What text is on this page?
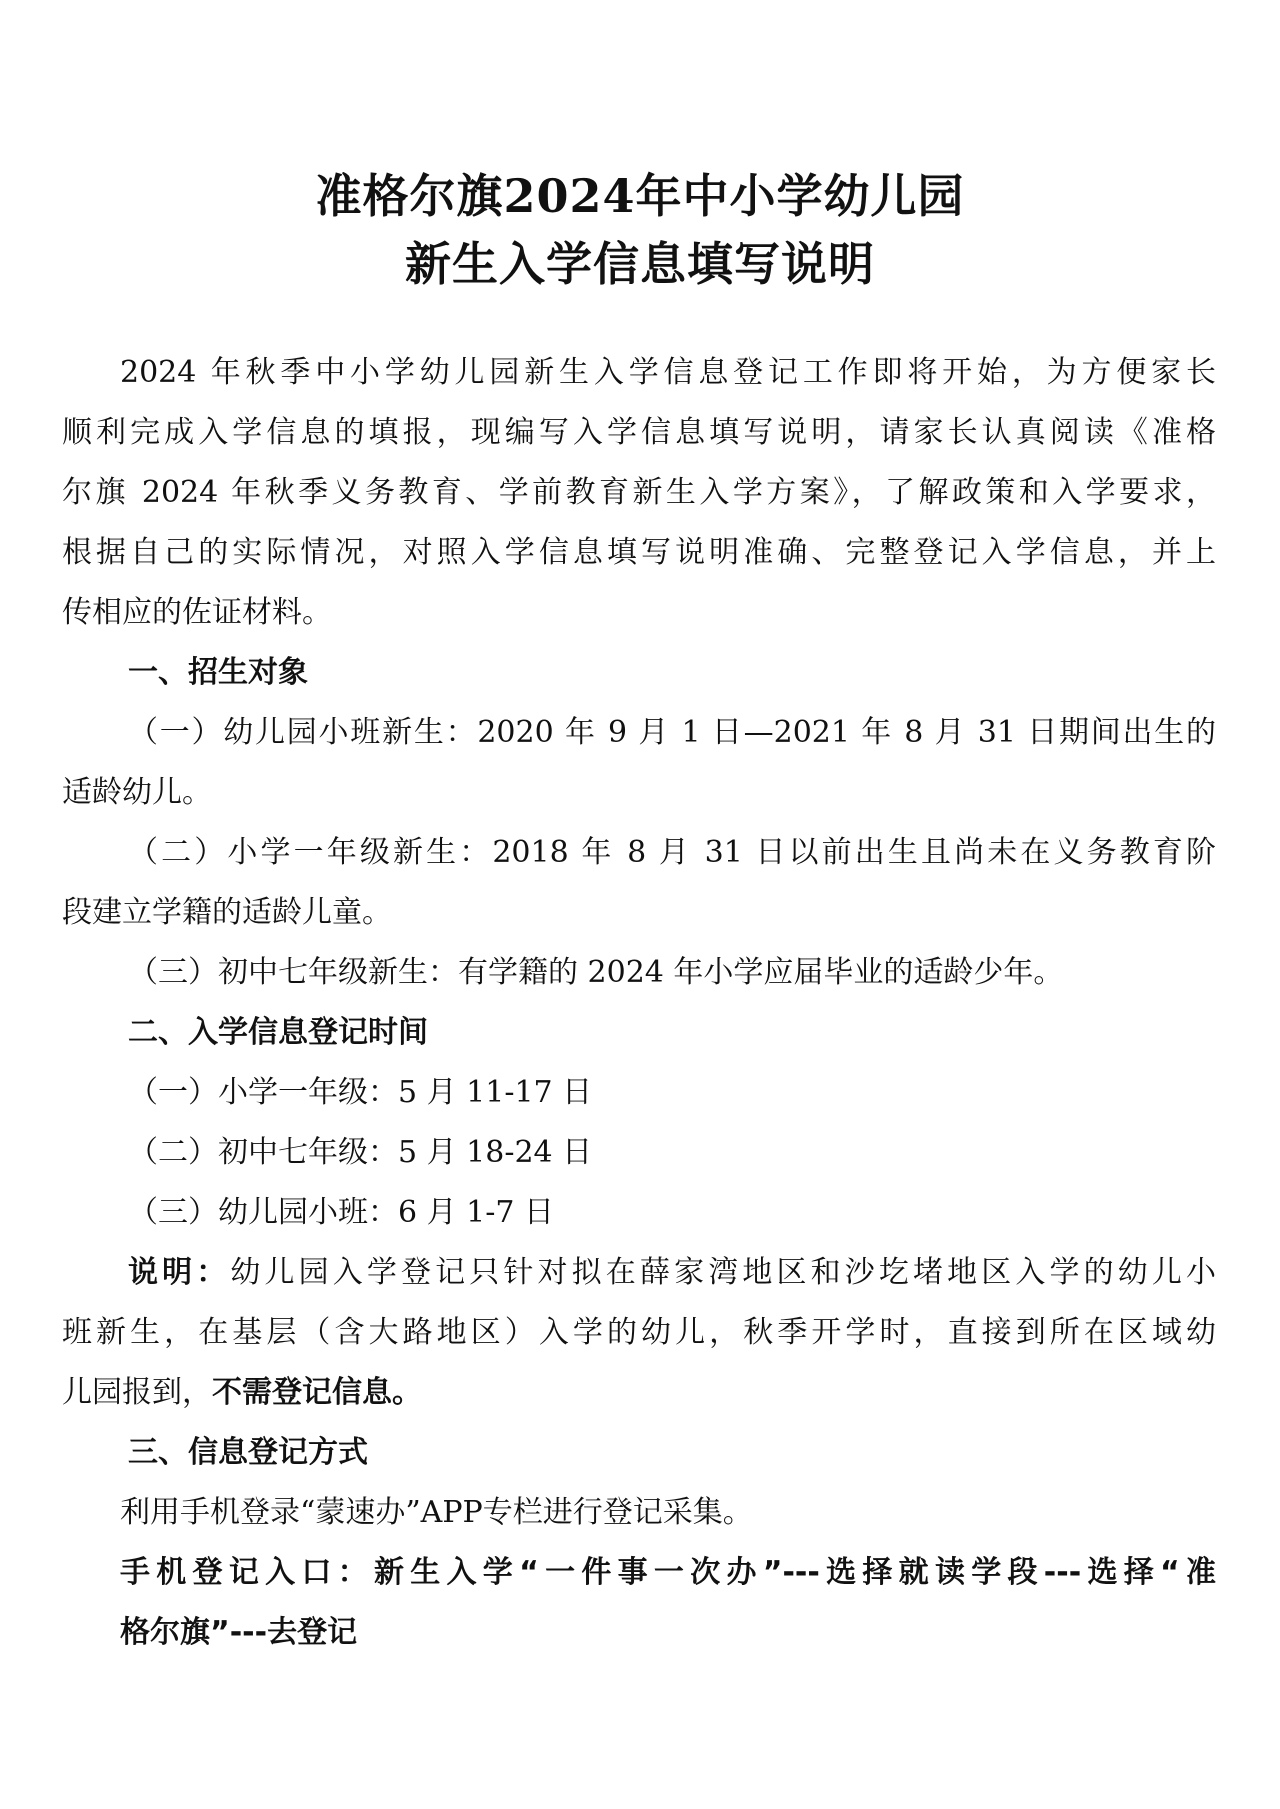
准格尔旗2024年中小学幼儿园
新生入学信息填写说明
2024 年秋季中小学幼儿园新生入学信息登记工作即将开始，为方便家长
顺利完成入学信息的填报，现编写入学信息填写说明，请家长认真阅读《准格
尔旗 2024 年秋季义务教育、学前教育新生入学方案》，了解政策和入学要求，
根据自己的实际情况，对照入学信息填写说明准确、完整登记入学信息，并上
传相应的佐证材料。
一、招生对象
（一）幼儿园小班新生：2020 年 9 月 1 日—2021 年 8 月 31 日期间出生的
适龄幼儿。
（二）小学一年级新生：2018 年 8 月 31 日以前出生且尚未在义务教育阶
段建立学籍的适龄儿童。
（三）初中七年级新生：有学籍的 2024 年小学应届毕业的适龄少年。
二、入学信息登记时间
（一）小学一年级：5 月 11-17 日
（二）初中七年级：5 月 18-24 日
（三）幼儿园小班：6 月 1-7 日
说明：幼儿园入学登记只针对拟在薛家湾地区和沙圪堵地区入学的幼儿小
班新生，在基层（含大路地区）入学的幼儿，秋季开学时，直接到所在区域幼
儿园报到，不需登记信息。
三、信息登记方式
利用手机登录“蒙速办”APP专栏进行登记采集。
手机登记入口：新生入学“一件事一次办”---选择就读学段---选择“准
格尔旗”---去登记
